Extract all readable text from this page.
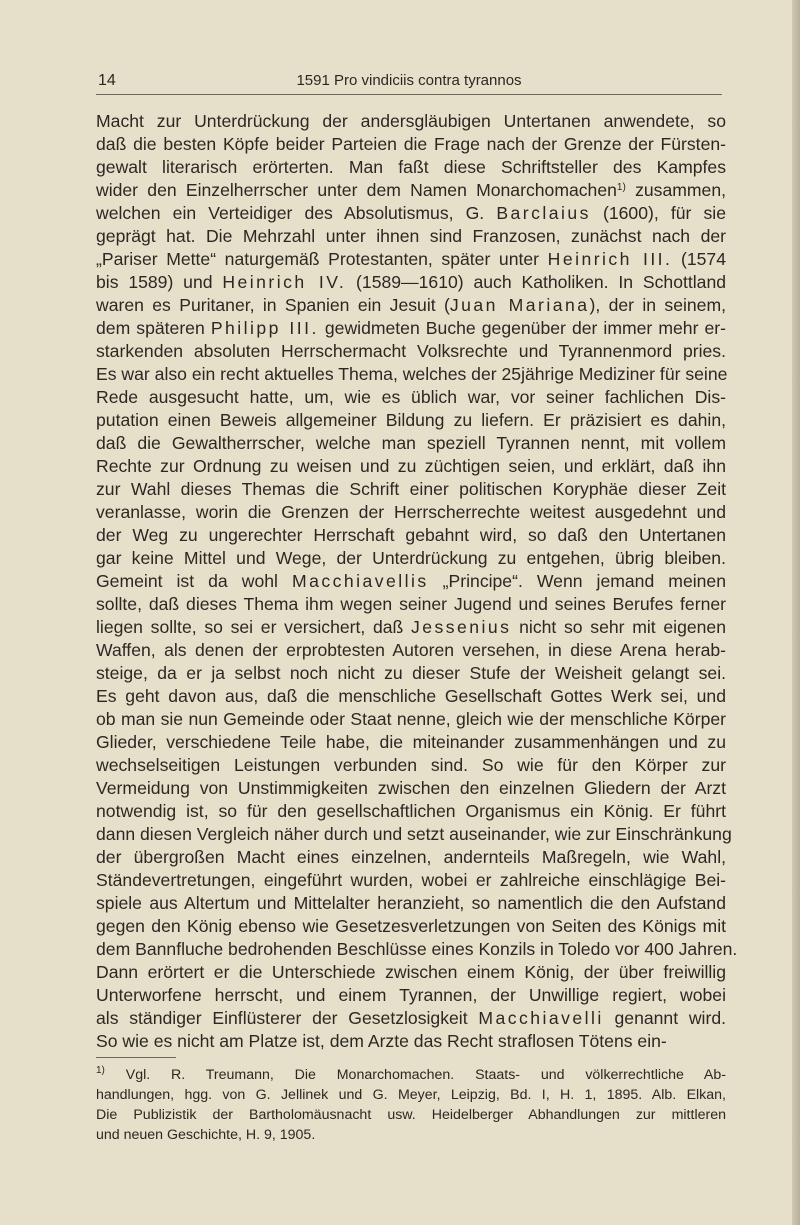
14	1591 Pro vindiciis contra tyrannos
Macht zur Unterdrückung der andersgläubigen Untertanen anwendete, so
daß die besten Köpfe beider Parteien die Frage nach der Grenze der Fürsten-
gewalt literarisch erörterten. Man faßt diese Schriftsteller des Kampfes
wider den Einzelherrscher unter dem Namen Monarchomachen$^{1)}$ zusammen,
welchen ein Verteidiger des Absolutismus, G. Barclaius (1600), für sie
geprägt hat. Die Mehrzahl unter ihnen sind Franzosen, zunächst nach der
„Pariser Mette“ naturgemäß Protestanten, später unter Heinrich III. (1574
bis 1589) und Heinrich IV. (1589—1610) auch Katholiken. In Schottland
waren es Puritaner, in Spanien ein Jesuit (Juan Mariana), der in seinem,
dem späteren Philipp III. gewidmeten Buche gegenüber der immer mehr er-
starkenden absoluten Herrschermacht Volksrechte und Tyrannenmord pries.
Es war also ein recht aktuelles Thema, welches der 25jährige Mediziner für seine
Rede ausgesucht hatte, um, wie es üblich war, vor seiner fachlichen Dis-
putation einen Beweis allgemeiner Bildung zu liefern. Er präzisiert es dahin,
daß die Gewaltherrscher, welche man speziell Tyrannen nennt, mit vollem
Rechte zur Ordnung zu weisen und zu züchtigen seien, und erklärt, daß ihn
zur Wahl dieses Themas die Schrift einer politischen Koryphäe dieser Zeit
veranlasse, worin die Grenzen der Herrscherrechte weitest ausgedehnt und
der Weg zu ungerechter Herrschaft gebahnt wird, so daß den Untertanen
gar keine Mittel und Wege, der Unterdrückung zu entgehen, übrig bleiben.
Gemeint ist da wohl Macchiavellis „Principe“. Wenn jemand meinen
sollte, daß dieses Thema ihm wegen seiner Jugend und seines Berufes ferner
liegen sollte, so sei er versichert, daß Jessenius nicht so sehr mit eigenen
Waffen, als denen der erprobtesten Autoren versehen, in diese Arena herab-
steige, da er ja selbst noch nicht zu dieser Stufe der Weisheit gelangt sei.
Es geht davon aus, daß die menschliche Gesellschaft Gottes Werk sei, und
ob man sie nun Gemeinde oder Staat nenne, gleich wie der menschliche Körper
Glieder, verschiedene Teile habe, die miteinander zusammenhängen und zu
wechselseitigen Leistungen verbunden sind. So wie für den Körper zur
Vermeidung von Unstimmigkeiten zwischen den einzelnen Gliedern der Arzt
notwendig ist, so für den gesellschaftlichen Organismus ein König. Er führt
dann diesen Vergleich näher durch und setzt auseinander, wie zur Einschränkung
der übergroßen Macht eines einzelnen, andernteils Maßregeln, wie Wahl,
Ständevertretungen, eingeführt wurden, wobei er zahlreiche einschlägige Bei-
spiele aus Altertum und Mittelalter heranzieht, so namentlich die den Aufstand
gegen den König ebenso wie Gesetzesverletzungen von Seiten des Königs mit
dem Bannfluche bedrohenden Beschlüsse eines Konzils in Toledo vor 400 Jahren.
Dann erörtert er die Unterschiede zwischen einem König, der über freiwillig
Unterworfene herrscht, und einem Tyrannen, der Unwillige regiert, wobei
als ständiger Einflüsterer der Gesetzlosigkeit Macchiavelli genannt wird.
So wie es nicht am Platze ist, dem Arzte das Recht straflosen Tötens ein-
$^{1)}$ Vgl. R. Treumann, Die Monarchomachen. Staats- und völkerrechtliche Ab-
handlungen, hgg. von G. Jellinek und G. Meyer, Leipzig, Bd. I, H. 1, 1895. Alb. Elkan,
Die Publizistik der Bartholomäusnacht usw. Heidelberger Abhandlungen zur mittleren
und neuen Geschichte, H. 9, 1905.
